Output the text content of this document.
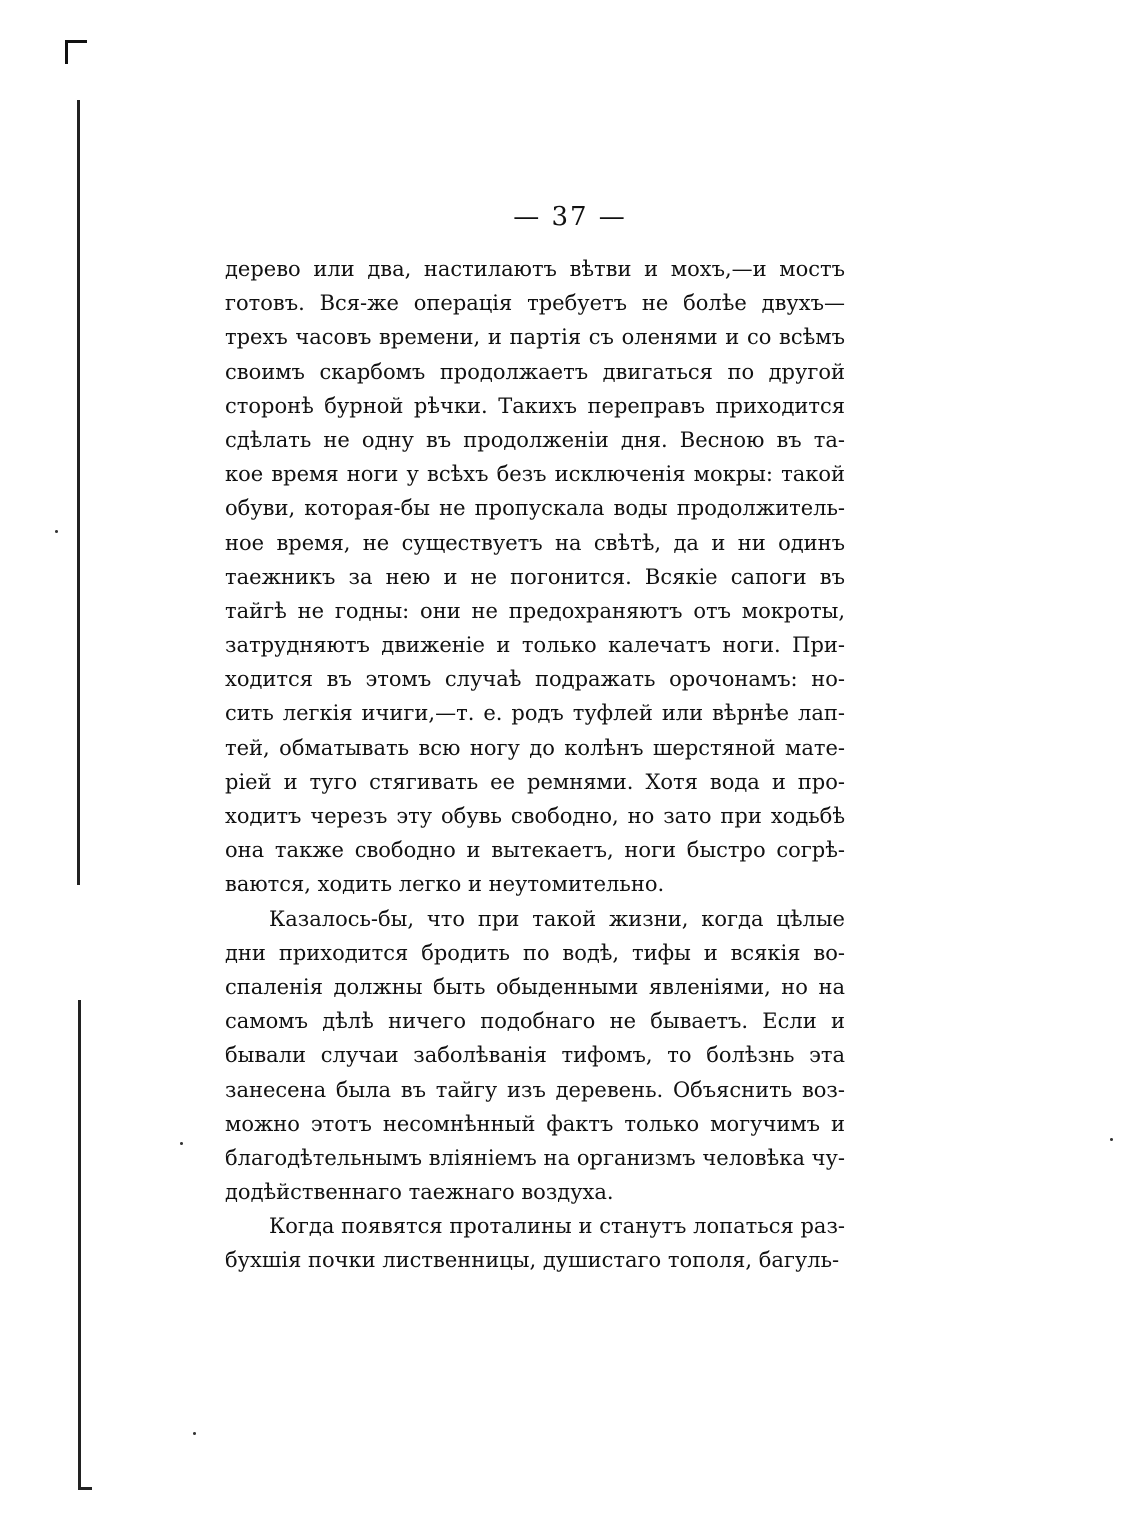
— 37 —
дерево или два, настилаютъ вѣтви и мохъ,—и мостъ
готовъ. Вся-же операція требуетъ не болѣе двухъ—
трехъ часовъ времени, и партія съ оленями и со всѣмъ
своимъ скарбомъ продолжаетъ двигаться по другой
сторонѣ бурной рѣчки. Такихъ переправъ приходится
сдѣлать не одну въ продолженіи дня. Весною въ та-
кое время ноги у всѣхъ безъ исключенія мокры: такой
обуви, которая-бы не пропускала воды продолжитель-
ное время, не существуетъ на свѣтѣ, да и ни одинъ
таежникъ за нею и не погонится. Всякіе сапоги въ
тайгѣ не годны: они не предохраняютъ отъ мокроты,
затрудняютъ движеніе и только калечатъ ноги. При-
ходится въ этомъ случаѣ подражать орочонамъ: но-
сить легкія ичиги,—т. е. родъ туфлей или вѣрнѣе лап-
тей, обматывать всю ногу до колѣнъ шерстяной мате-
ріей и туго стягивать ее ремнями. Хотя вода и про-
ходитъ черезъ эту обувь свободно, но зато при ходьбѣ
она также свободно и вытекаетъ, ноги быстро согрѣ-
ваются, ходить легко и неутомительно.
Казалось-бы, что при такой жизни, когда цѣлые
дни приходится бродить по водѣ, тифы и всякія во-
спаленія должны быть обыденными явленіями, но на
самомъ дѣлѣ ничего подобнаго не бываетъ. Если и
бывали случаи заболѣванія тифомъ, то болѣзнь эта
занесена была въ тайгу изъ деревень. Объяснить воз-
можно этотъ несомнѣнный фактъ только могучимъ и
благодѣтельнымъ вліяніемъ на организмъ человѣка чу-
додѣйственнаго таежнаго воздуха.
Когда появятся проталины и станутъ лопаться раз-
бухшія почки лиственницы, душистаго тополя, багуль-
